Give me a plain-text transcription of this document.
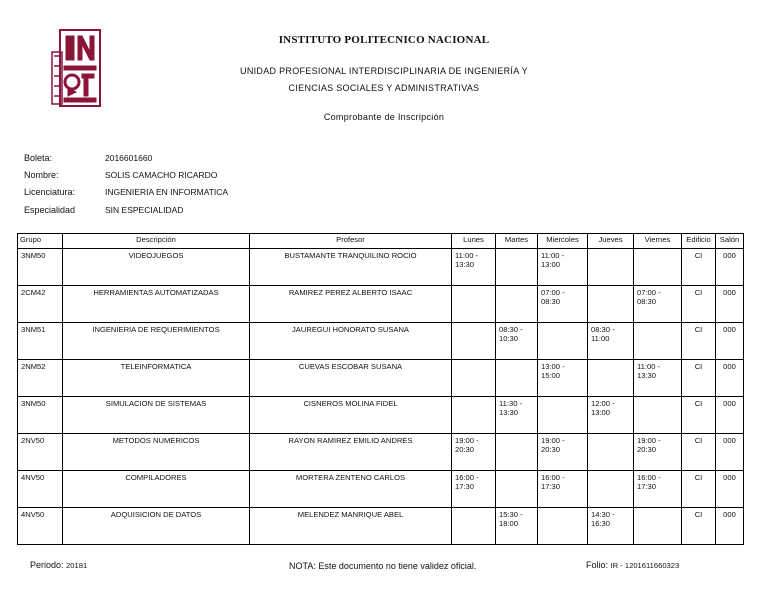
INSTITUTO POLITECNICO NACIONAL
UNIDAD PROFESIONAL INTERDISCIPLINARIA DE INGENIERÍA Y
CIENCIAS SOCIALES Y ADMINISTRATIVAS
Comprobante de Inscripción
Boleta:	2016601660
Nombre:	SOLIS CAMACHO RICARDO
Licenciatura:	INGENIERIA EN INFORMATICA
Especialidad	SIN ESPECIALIDAD
Grupo	Descripción	Profesor	Lunes	Martes	Miercoles	Jueves	Viernes	Edificio	Salón
3NM50	VIDEOJUEGOS	BUSTAMANTE TRANQUILINO ROCIO	11:00 - 13:30		11:00 - 13:00			CI	000
2CM42	HERRAMIENTAS AUTOMATIZADAS	RAMIREZ PEREZ ALBERTO ISAAC			07:00 - 08:30		07:00 - 08:30	CI	000
3NM51	INGENIERIA DE REQUERIMIENTOS	JAUREGUI HONORATO SUSANA		08:30 - 10:30		08:30 - 11:00		CI	000
2NM52	TELEINFORMATICA	CUEVAS ESCOBAR SUSANA			13:00 - 15:00		11:00 - 13:30	CI	000
3NM50	SIMULACION DE SISTEMAS	CISNEROS MOLINA FIDEL		11:30 - 13:30		12:00 - 13:00		CI	000
2NV50	METODOS NUMERICOS	RAYON RAMIREZ EMILIO ANDRES	19:00 - 20:30		19:00 - 20:30		19:00 - 20:30	CI	000
4NV50	COMPILADORES	MORTERA ZENTENO CARLOS	16:00 - 17:30		16:00 - 17:30		16:00 - 17:30	CI	000
4NV50	ADQUISICION DE DATOS	MELENDEZ MANRIQUE ABEL		15:30 - 18:00		14:30 - 16:30		CI	000
Periodo: 20181	NOTA: Este documento no tiene validez oficial.	Folio: IR - 1201611660323
